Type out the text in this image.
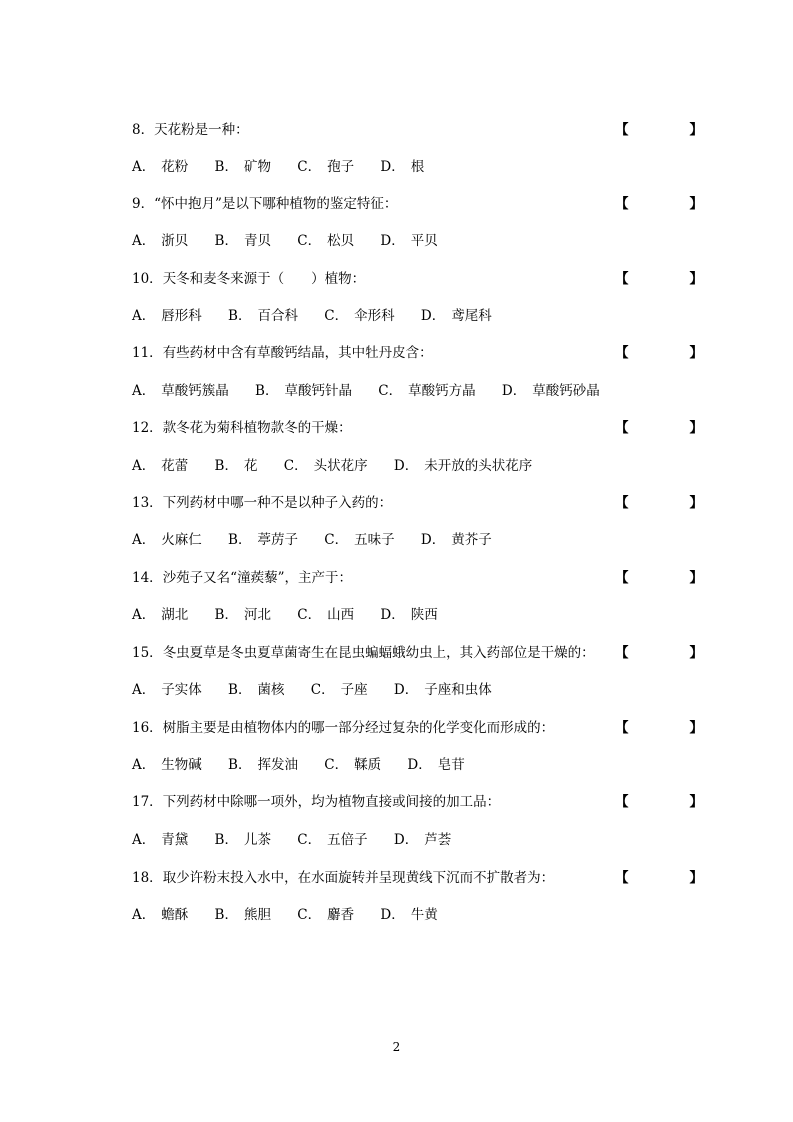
8．天花粉是一种：	【	】
A． 花粉 B． 矿物 C． 孢子 D． 根
9．“怀中抱月”是以下哪种植物的鉴定特征：	【	】
A． 浙贝 B． 青贝 C． 松贝 D． 平贝
10．天冬和麦冬来源于（　　）植物：	【	】
A． 唇形科 B． 百合科 C． 伞形科 D． 鸢尾科
11．有些药材中含有草酸钙结晶，其中牡丹皮含：	【	】
A． 草酸钙簇晶 B． 草酸钙针晶 C． 草酸钙方晶 D． 草酸钙砂晶
12．款冬花为菊科植物款冬的干燥：	【	】
A． 花蕾 B． 花 C． 头状花序 D． 未开放的头状花序
13．下列药材中哪一种不是以种子入药的：	【	】
A． 火麻仁 B． 葶苈子 C． 五味子 D． 黄芥子
14．沙苑子又名“潼蒺藜”，主产于：	【	】
A． 湖北 B． 河北 C． 山西 D． 陕西
15．冬虫夏草是冬虫夏草菌寄生在昆虫蝙蝠蛾幼虫上，其入药部位是干燥的： 【	】
A． 子实体 B． 菌核 C． 子座 D． 子座和虫体
16．树脂主要是由植物体内的哪一部分经过复杂的化学变化而形成的：	【	】
A． 生物碱 B． 挥发油 C． 鞣质 D． 皂苷
17．下列药材中除哪一项外，均为植物直接或间接的加工品：	【	】
A． 青黛 B． 儿茶 C． 五倍子 D． 芦荟
18．取少许粉末投入水中，在水面旋转并呈现黄线下沉而不扩散者为：	【	】
A． 蟾酥 B． 熊胆 C． 麝香 D． 牛黄
2
